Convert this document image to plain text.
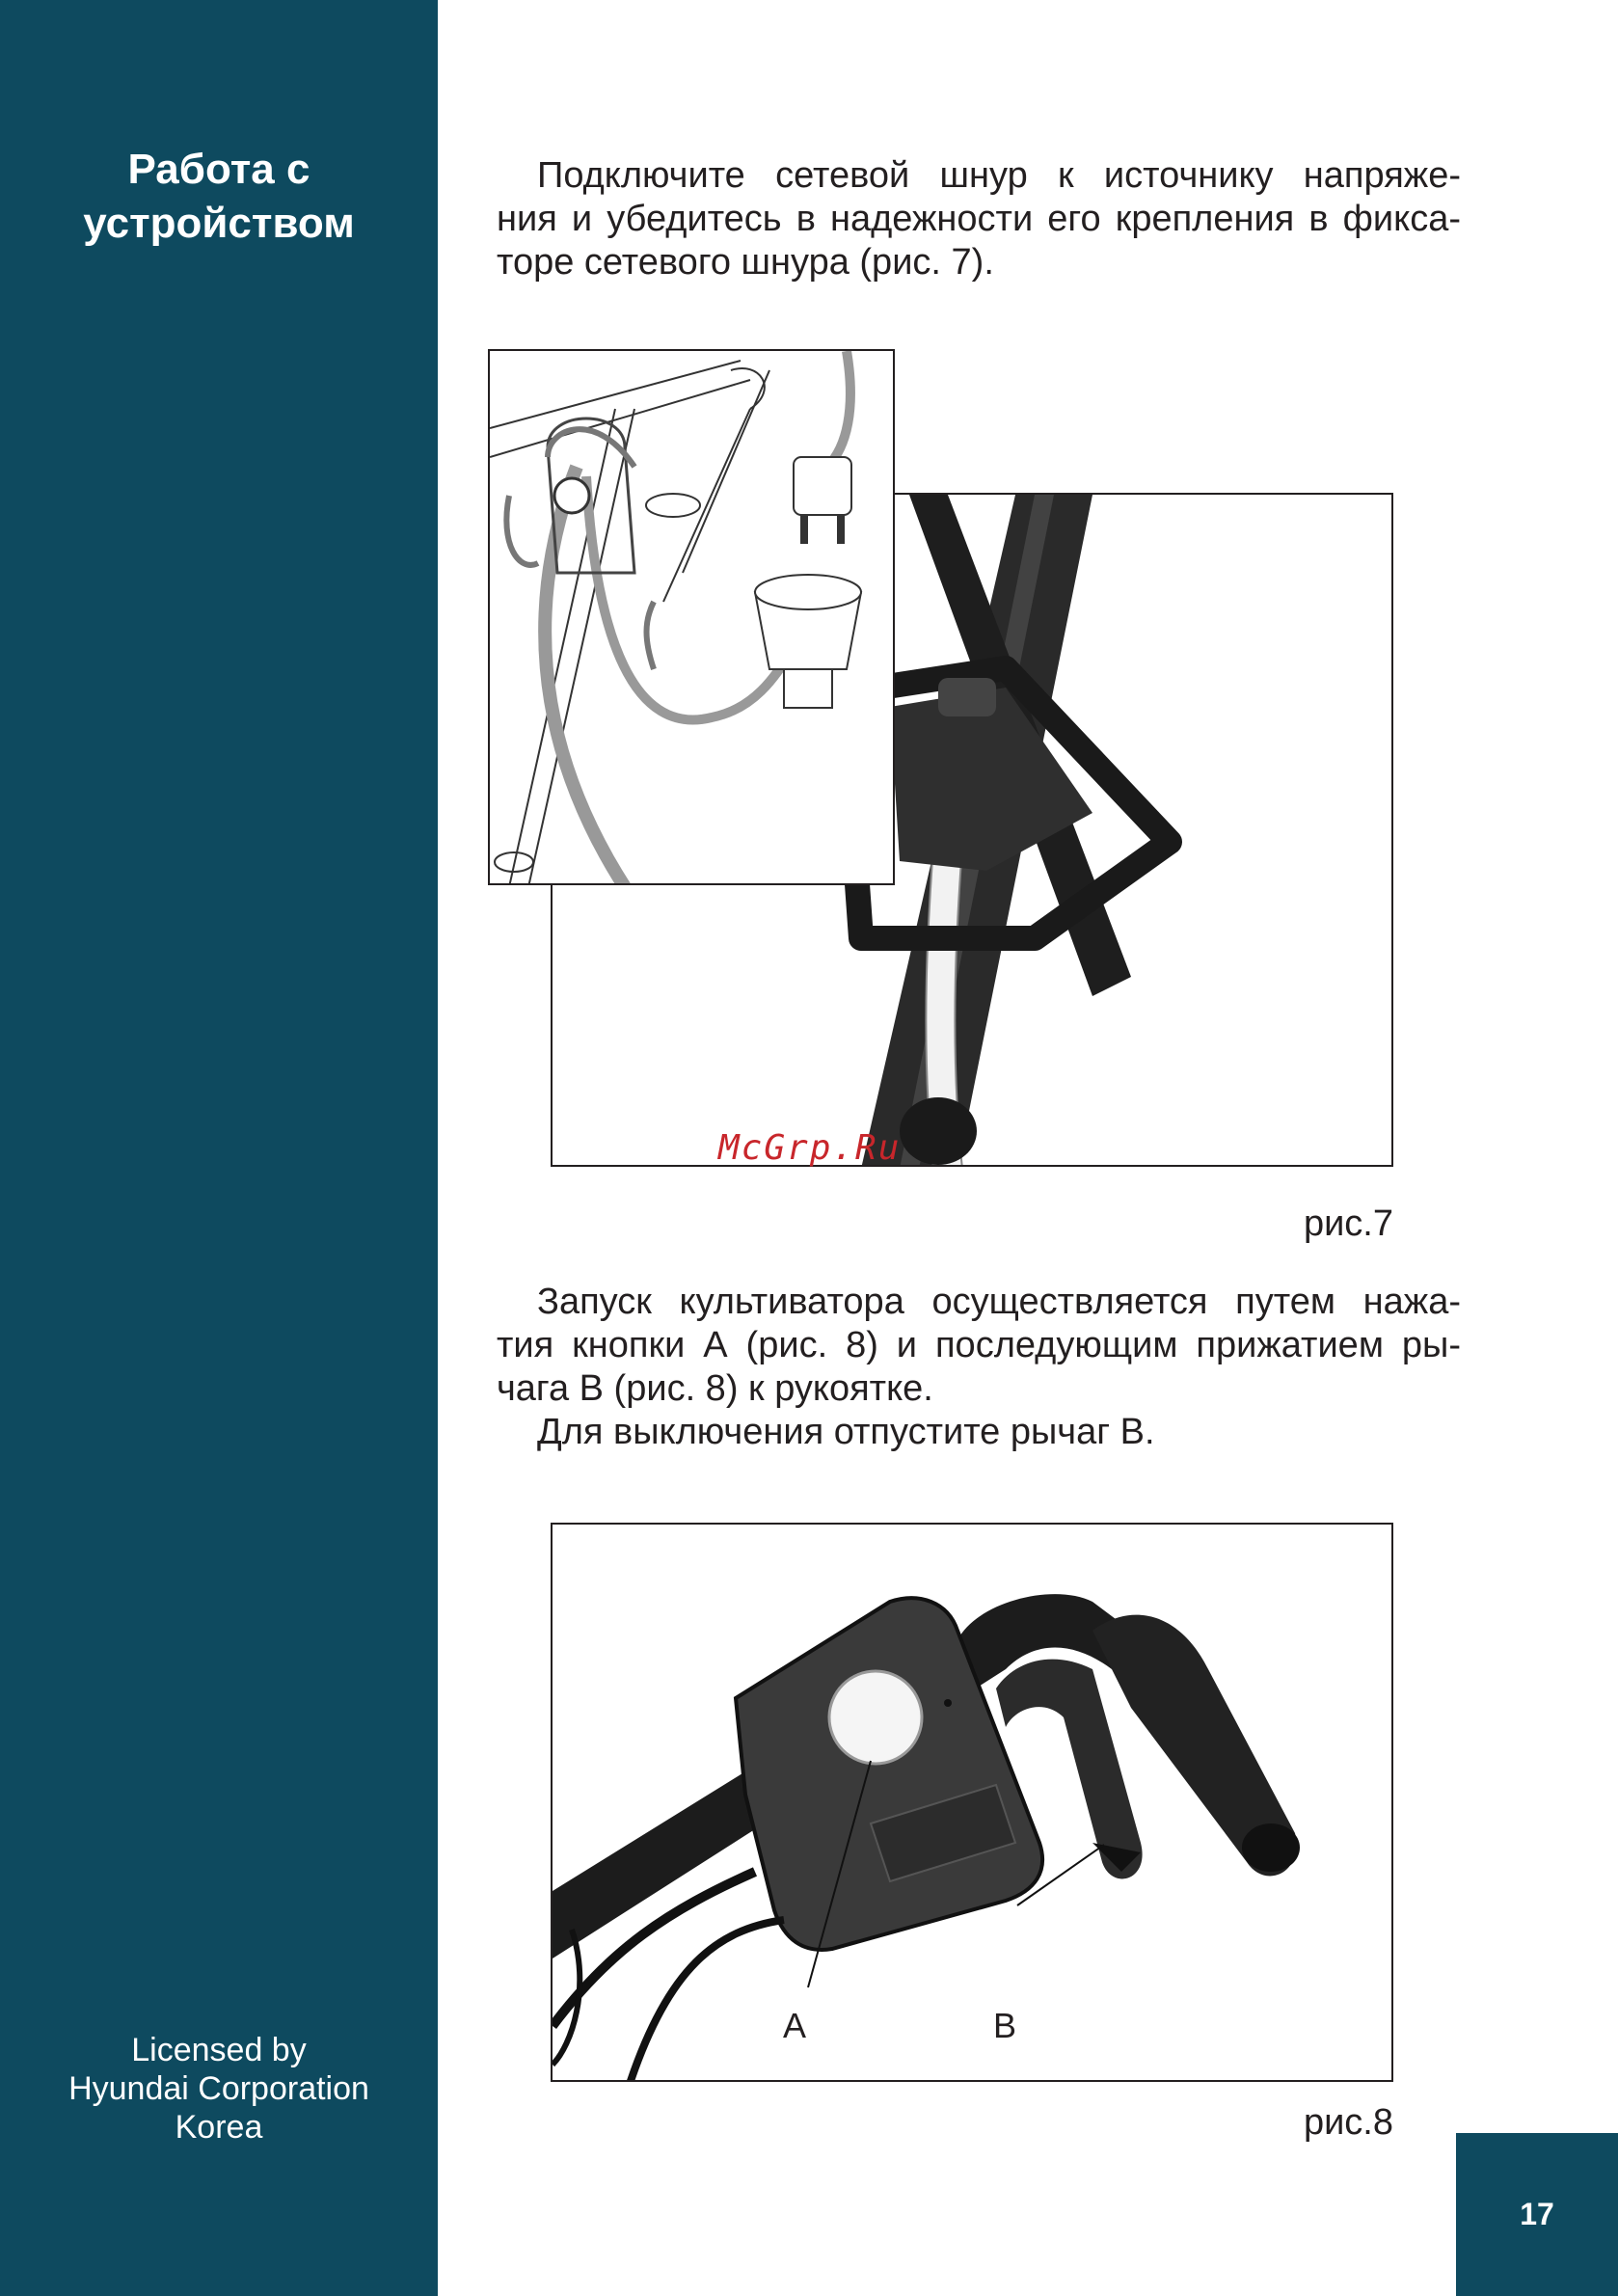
Работа с
устройством
Licensed by
Hyundai Corporation
Korea
Подключите сетевой шнур к источнику напряже-
ния и убедитесь в надежности его крепления в фикса-
торе сетевого шнура (рис. 7).
McGrp.Ru
рис.7
Запуск культиватора осуществляется путем нажа-
тия кнопки А (рис. 8) и последующим прижатием ры-
чага В (рис. 8) к рукоятке.
Для выключения отпустите рычаг В.
А	В
рис.8
17
